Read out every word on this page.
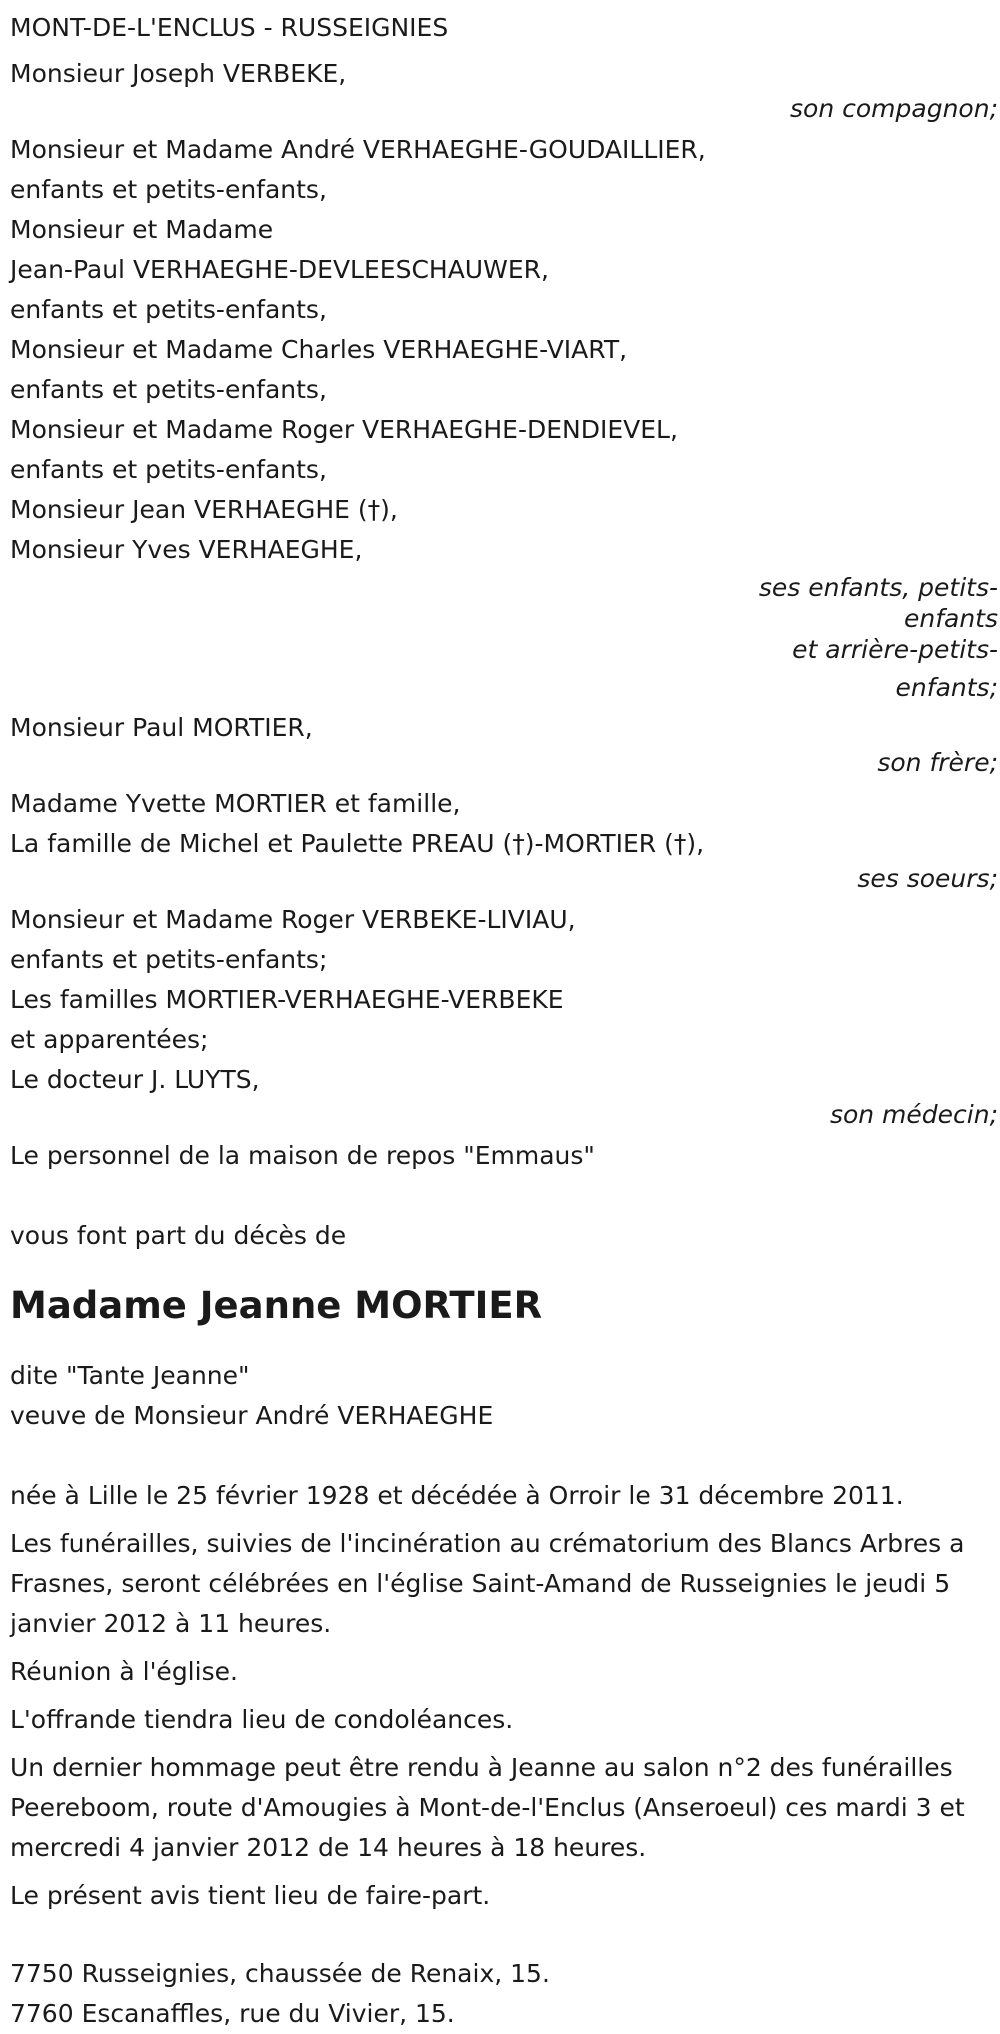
MONT-DE-L'ENCLUS - RUSSEIGNIES
Monsieur Joseph VERBEKE,
son compagnon;
Monsieur et Madame André VERHAEGHE-GOUDAILLIER,
enfants et petits-enfants,
Monsieur et Madame
Jean-Paul VERHAEGHE-DEVLEESCHAUWER,
enfants et petits-enfants,
Monsieur et Madame Charles VERHAEGHE-VIART,
enfants et petits-enfants,
Monsieur et Madame Roger VERHAEGHE-DENDIEVEL,
enfants et petits-enfants,
Monsieur Jean VERHAEGHE (†),
Monsieur Yves VERHAEGHE,
ses enfants, petits-
enfants
et arrière-petits-
enfants;
Monsieur Paul MORTIER,
son frère;
Madame Yvette MORTIER et famille,
La famille de Michel et Paulette PREAU (†)-MORTIER (†),
ses soeurs;
Monsieur et Madame Roger VERBEKE-LIVIAU,
enfants et petits-enfants;
Les familles MORTIER-VERHAEGHE-VERBEKE
et apparentées;
Le docteur J. LUYTS,
son médecin;
Le personnel de la maison de repos "Emmaus"
vous font part du décès de
Madame Jeanne MORTIER
dite "Tante Jeanne"
veuve de Monsieur André VERHAEGHE
née à Lille le 25 février 1928 et décédée à Orroir le 31 décembre 2011.
Les funérailles, suivies de l'incinération au crématorium des Blancs Arbres a Frasnes, seront célébrées en l'église Saint-Amand de Russeignies le jeudi 5 janvier 2012 à 11 heures.
Réunion à l'église.
L'offrande tiendra lieu de condoléances.
Un dernier hommage peut être rendu à Jeanne au salon n°2 des funérailles Peereboom, route d'Amougies à Mont-de-l'Enclus (Anseroeul) ces mardi 3 et mercredi 4 janvier 2012 de 14 heures à 18 heures.
Le présent avis tient lieu de faire-part.
7750 Russeignies, chaussée de Renaix, 15.
7760 Escanaffles, rue du Vivier, 15.
